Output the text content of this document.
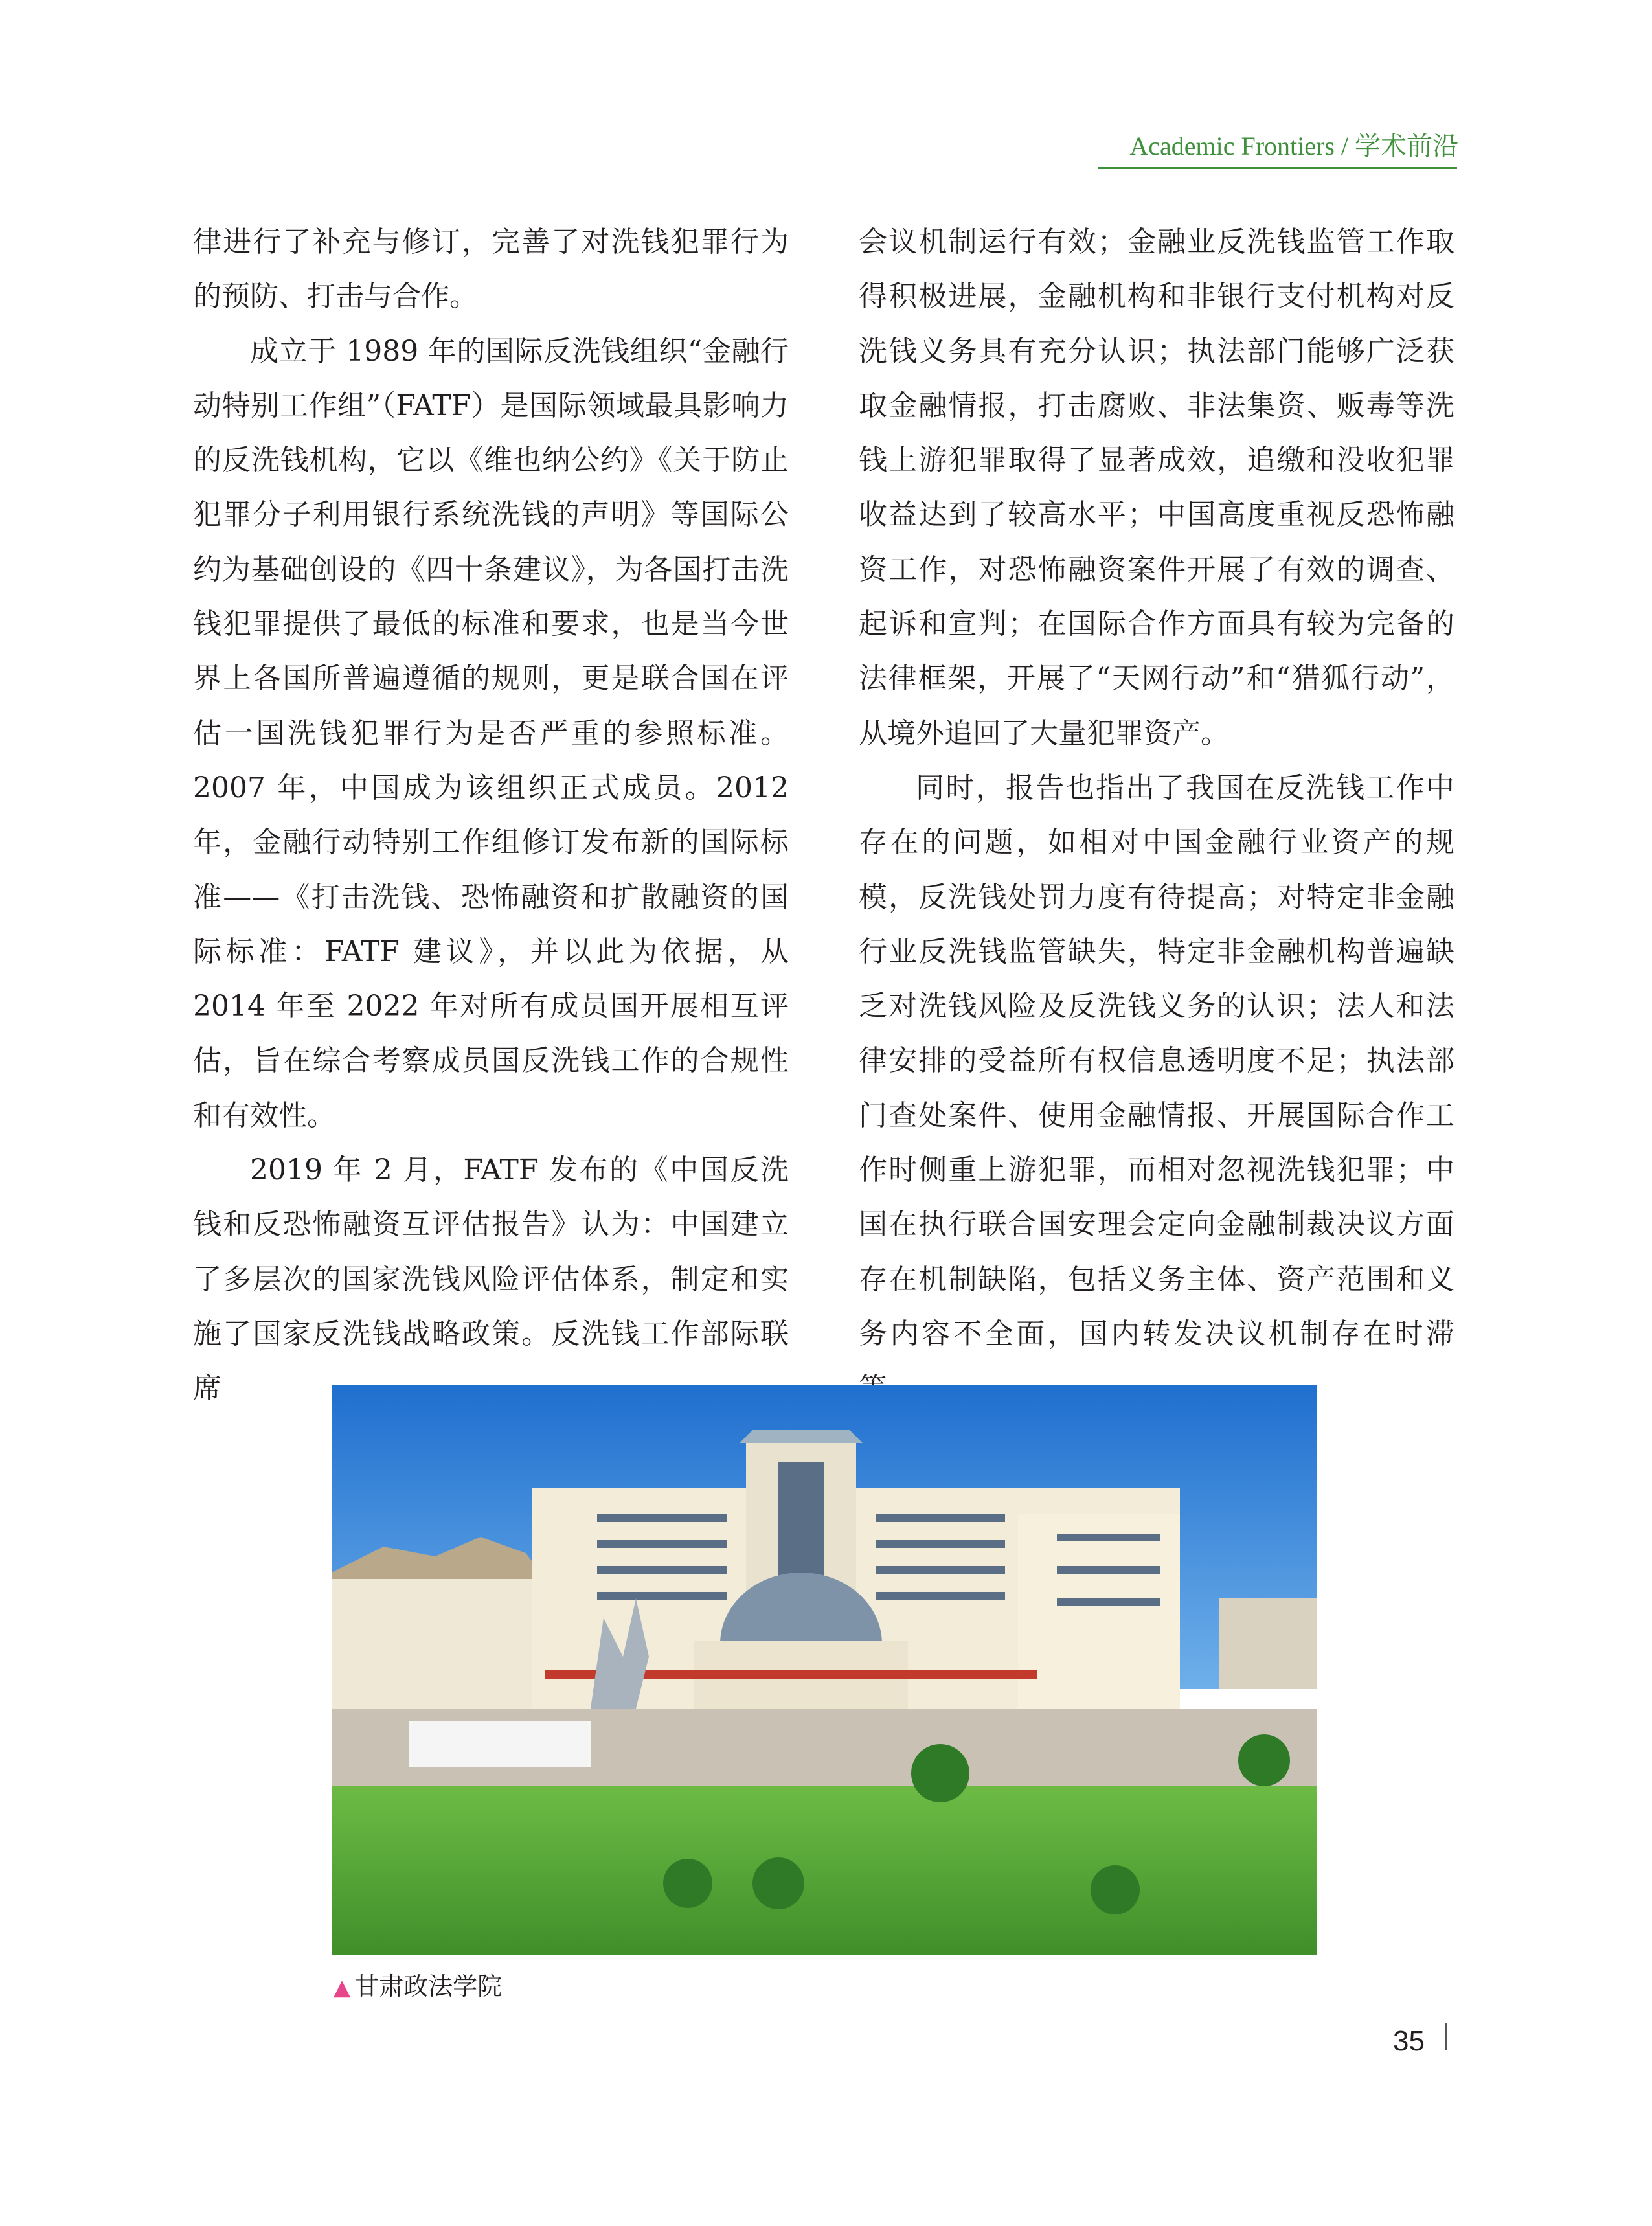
Academic Frontiers / 学术前沿

律进行了补充与修订，完善了对洗钱犯罪行为的预防、打击与合作。

成立于 1989 年的国际反洗钱组织“金融行动特别工作组”（FATF）是国际领域最具影响力的反洗钱机构，它以《维也纳公约》《关于防止犯罪分子利用银行系统洗钱的声明》等国际公约为基础创设的《四十条建议》，为各国打击洗钱犯罪提供了最低的标准和要求，也是当今世界上各国所普遍遵循的规则，更是联合国在评估一国洗钱犯罪行为是否严重的参照标准。2007 年，中国成为该组织正式成员。2012 年，金融行动特别工作组修订发布新的国际标准——《打击洗钱、恐怖融资和扩散融资的国际标准：FATF 建议》，并以此为依据，从 2014 年至 2022 年对所有成员国开展相互评估，旨在综合考察成员国反洗钱工作的合规性和有效性。

2019 年 2 月，FATF 发布的《中国反洗钱和反恐怖融资互评估报告》认为：中国建立了多层次的国家洗钱风险评估体系，制定和实施了国家反洗钱战略政策。反洗钱工作部际联席

会议机制运行有效；金融业反洗钱监管工作取得积极进展，金融机构和非银行支付机构对反洗钱义务具有充分认识；执法部门能够广泛获取金融情报，打击腐败、非法集资、贩毒等洗钱上游犯罪取得了显著成效，追缴和没收犯罪收益达到了较高水平；中国高度重视反恐怖融资工作，对恐怖融资案件开展了有效的调查、起诉和宣判；在国际合作方面具有较为完备的法律框架，开展了“天网行动”和“猎狐行动”，从境外追回了大量犯罪资产。

同时，报告也指出了我国在反洗钱工作中存在的问题，如相对中国金融行业资产的规模，反洗钱处罚力度有待提高；对特定非金融行业反洗钱监管缺失，特定非金融机构普遍缺乏对洗钱风险及反洗钱义务的认识；法人和法律安排的受益所有权信息透明度不足；执法部门查处案件、使用金融情报、开展国际合作工作时侧重上游犯罪，而相对忽视洗钱犯罪；中国在执行联合国安理会定向金融制裁决议方面存在机制缺陷，包括义务主体、资产范围和义务内容不全面，国内转发决议机制存在时滞

▲ 甘肃政法学院
35
